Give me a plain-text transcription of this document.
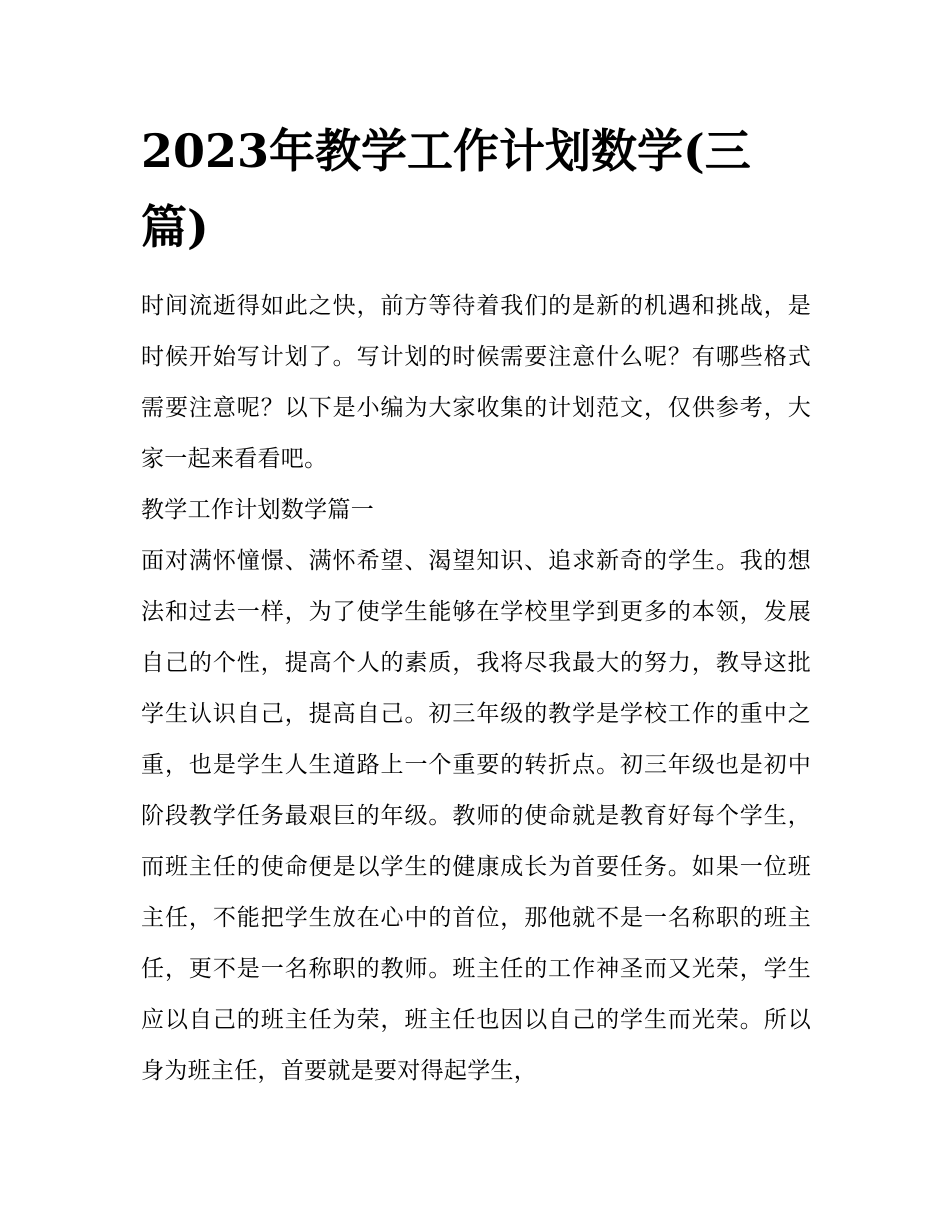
2023年教学工作计划数学(三篇)

时间流逝得如此之快，前方等待着我们的是新的机遇和挑战，是时候开始写计划了。写计划的时候需要注意什么呢？有哪些格式需要注意呢？以下是小编为大家收集的计划范文，仅供参考，大家一起来看看吧。

教学工作计划数学篇一

面对满怀憧憬、满怀希望、渴望知识、追求新奇的学生。我的想法和过去一样，为了使学生能够在学校里学到更多的本领，发展自己的个性，提高个人的素质，我将尽我最大的努力，教导这批学生认识自己，提高自己。初三年级的教学是学校工作的重中之重，也是学生人生道路上一个重要的转折点。初三年级也是初中阶段教学任务最艰巨的年级。教师的使命就是教育好每个学生，而班主任的使命便是以学生的健康成长为首要任务。如果一位班主任，不能把学生放在心中的首位，那他就不是一名称职的班主任，更不是一名称职的教师。班主任的工作神圣而又光荣，学生应以自己的班主任为荣，班主任也因以自己的学生而光荣。所以身为班主任，首要就是要对得起学生，
